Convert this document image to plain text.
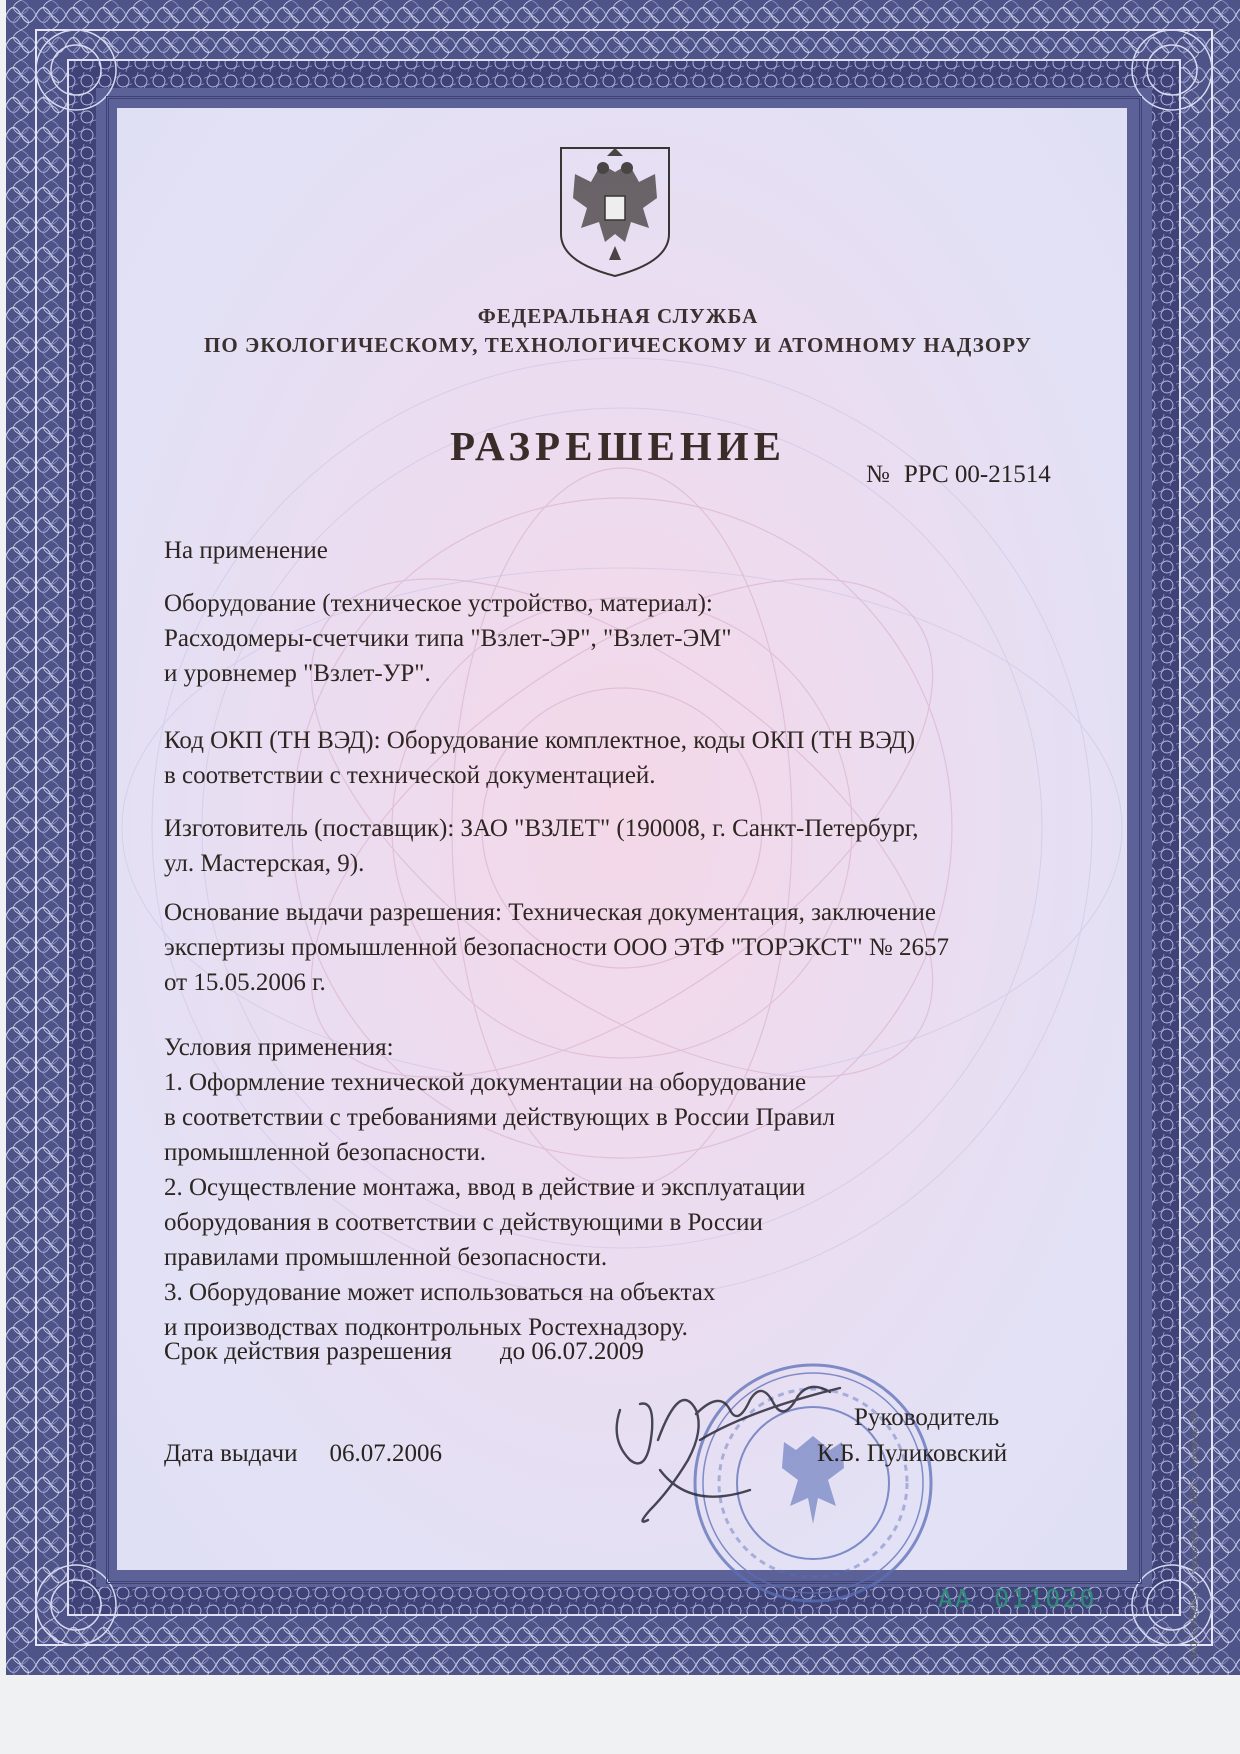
ФЕДЕРАЛЬНАЯ СЛУЖБА
ПО ЭКОЛОГИЧЕСКОМУ, ТЕХНОЛОГИЧЕСКОМУ И АТОМНОМУ НАДЗОРУ
РАЗРЕШЕНИЕ
№ РРС 00-21514
На применение
Оборудование (техническое устройство, материал):
Расходомеры-счетчики типа "Взлет-ЭР", "Взлет-ЭМ"
и уровнемер "Взлет-УР".
Код ОКП (ТН ВЭД): Оборудование комплектное, коды ОКП (ТН ВЭД)
в соответствии с технической документацией.
Изготовитель (поставщик): ЗАО "ВЗЛЕТ" (190008, г. Санкт-Петербург,
ул. Мастерская, 9).
Основание выдачи разрешения: Техническая документация, заключение
экспертизы промышленной безопасности ООО ЭТФ "ТОРЭКСТ" № 2657
от 15.05.2006 г.
Условия применения:
1. Оформление технической документации на оборудование
в соответствии с требованиями действующих в России Правил
промышленной безопасности.
2. Осуществление монтажа, ввод в действие и эксплуатации
оборудования в соответствии с действующими в России
правилами промышленной безопасности.
3. Оборудование может использоваться на объектах
и производствах подконтрольных Ростехнадзору.
Срок действия разрешения до 06.07.2009
Руководитель
Дата выдачи 06.07.2006	К.Б. Пуликовский
АА 011020	ЗАО «СИБИРО», г. Новосибирск, 2005 г., уровень «В»
